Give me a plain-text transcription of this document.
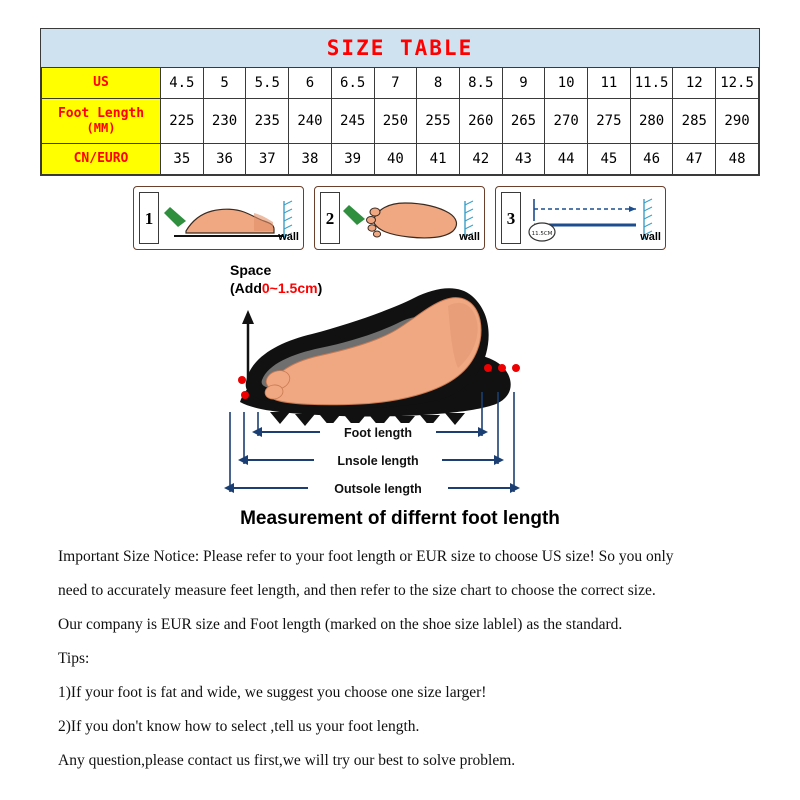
SIZE TABLE
US	4.5	5	5.5	6	6.5	7	8	8.5	9	10	11	11.5	12	12.5
Foot Length
(MM)	225	230	235	240	245	250	255	260	265	270	275	280	285	290
CN/EURO	35	36	37	38	39	40	41	42	43	44	45	46	47	48
1
wall
2
wall	11.5CM
3
wall
Space
(Add0~1.5cm)
Foot length
Lnsole length
Outsole length
Measurement of differnt foot length

Important Size Notice: Please refer to your foot length or EUR size to choose US size! So you only

need to accurately measure feet length, and then refer to the size chart to choose the correct size.

Our company is EUR size and Foot length (marked on the shoe size lablel) as the standard.

Tips:

1)If your foot is fat and wide, we suggest you choose one size larger!

2)If you don't know how to select ,tell us your foot length.

Any question,please contact us first,we will try our best to solve problem.
